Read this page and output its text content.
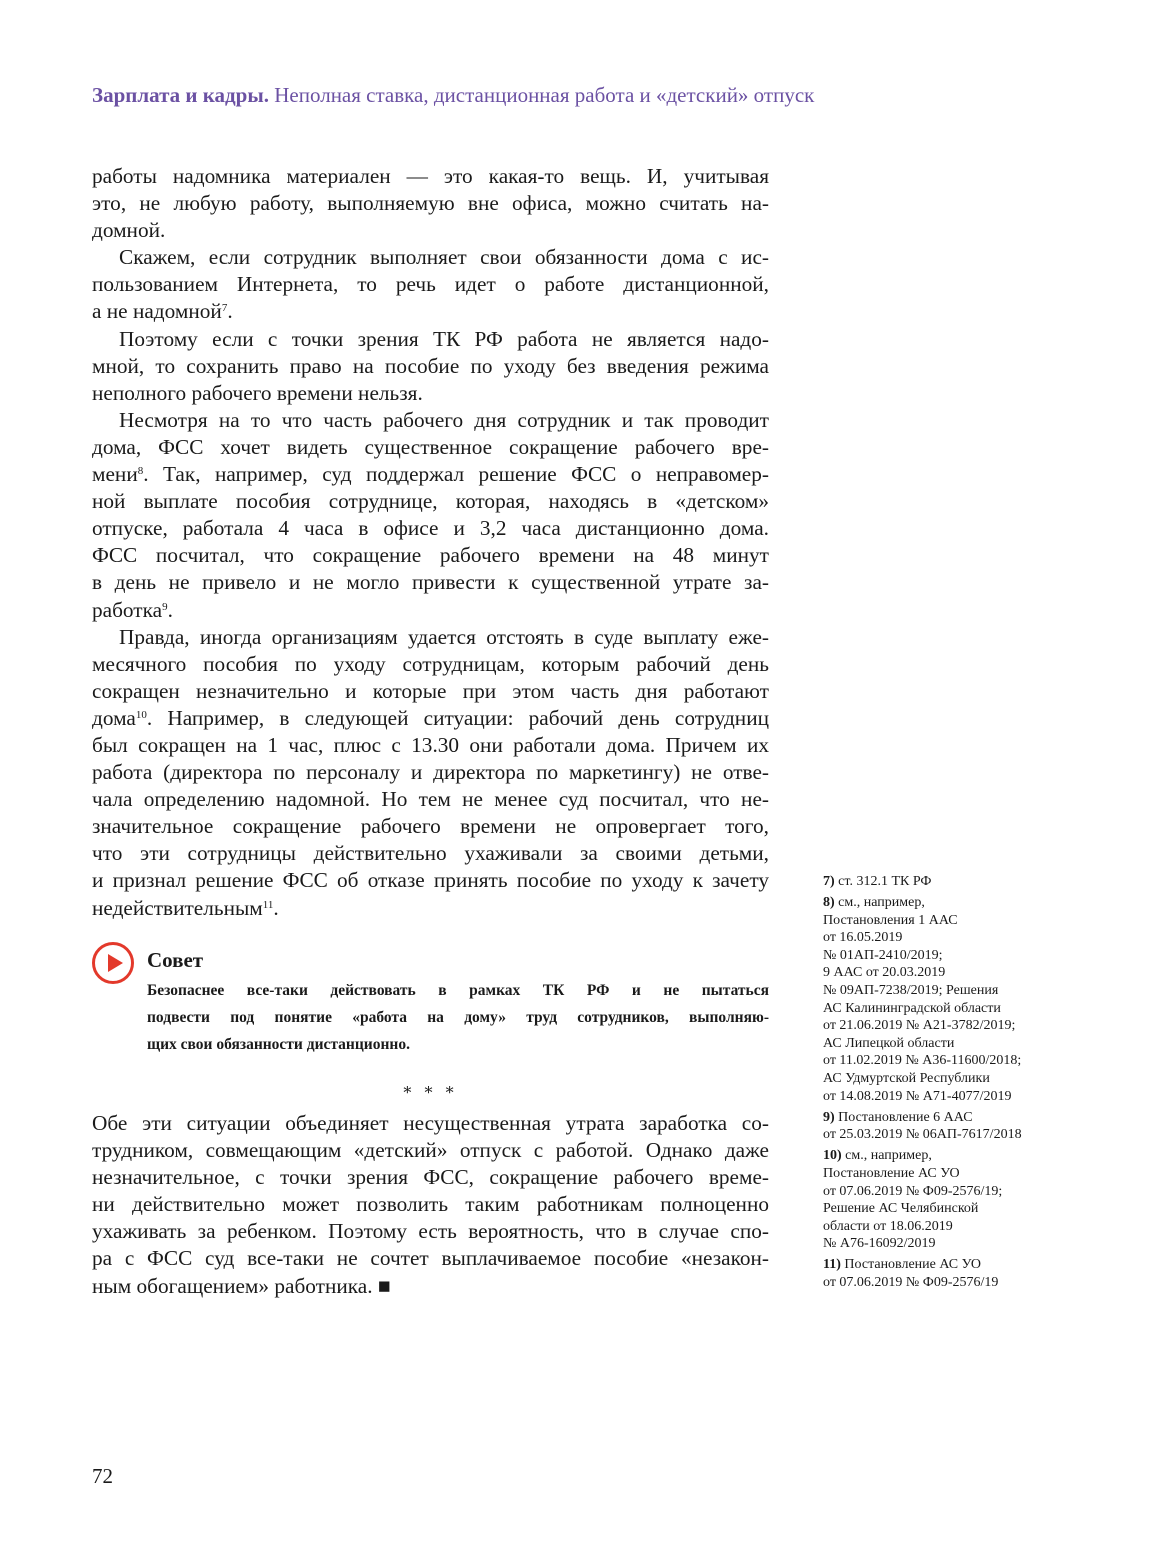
Зарплата и кадры. Неполная ставка, дистанционная работа и «детский» отпуск
работы надомника материален — это какая-то вещь. И, учитывая
это, не любую работу, выполняемую вне офиса, можно считать на-
домной.
Скажем, если сотрудник выполняет свои обязанности дома с ис-
пользованием Интернета, то речь идет о работе дистанционной,
а не надомной$^7$.
Поэтому если с точки зрения ТК РФ работа не является надо-
мной, то сохранить право на пособие по уходу без введения режима
неполного рабочего времени нельзя.
Несмотря на то что часть рабочего дня сотрудник и так проводит
дома, ФСС хочет видеть существенное сокращение рабочего вре-
мени$^8$. Так, например, суд поддержал решение ФСС о неправомер-
ной выплате пособия сотруднице, которая, находясь в «детском»
отпуске, работала 4 часа в офисе и 3,2 часа дистанционно дома.
ФСС посчитал, что сокращение рабочего времени на 48 минут
в день не привело и не могло привести к существенной утрате за-
работка$^9$.
Правда, иногда организациям удается отстоять в суде выплату еже-
месячного пособия по уходу сотрудницам, которым рабочий день
сокращен незначительно и которые при этом часть дня работают
дома$^{10}$. Например, в следующей ситуации: рабочий день сотрудниц
был сокращен на 1 час, плюс с 13.30 они работали дома. Причем их
работа (директора по персоналу и директора по маркетингу) не отве-
чала определению надомной. Но тем не менее суд посчитал, что не-
значительное сокращение рабочего времени не опровергает того,
что эти сотрудницы действительно ухаживали за своими детьми,
и признал решение ФСС об отказе принять пособие по уходу к зачету
недействительным$^{11}$.
Совет
Безопаснее все-таки действовать в рамках ТК РФ и не пытаться
подвести под понятие «работа на дому» труд сотрудников, выполняю-
щих свои обязанности дистанционно.
* * *
Обе эти ситуации объединяет несущественная утрата заработка со-
трудником, совмещающим «детский» отпуск с работой. Однако даже
незначительное, с точки зрения ФСС, сокращение рабочего време-
ни действительно может позволить таким работникам полноценно
ухаживать за ребенком. Поэтому есть вероятность, что в случае спо-
ра с ФСС суд все-таки не сочтет выплачиваемое пособие «незакон-
ным обогащением» работника. ■
7) ст. 312.1 ТК РФ
8) см., например,
Постановления 1 ААС
от 16.05.2019
№ 01АП-2410/2019;
9 ААС от 20.03.2019
№ 09АП-7238/2019; Решения
АС Калининградской области
от 21.06.2019 № А21-3782/2019;
АС Липецкой области
от 11.02.2019 № А36-11600/2018;
АС Удмуртской Республики
от 14.08.2019 № А71-4077/2019
9) Постановление 6 ААС
от 25.03.2019 № 06АП-7617/2018
10) см., например,
Постановление АС УО
от 07.06.2019 № Ф09-2576/19;
Решение АС Челябинской
области от 18.06.2019
№ А76-16092/2019
11) Постановление АС УО
от 07.06.2019 № Ф09-2576/19
72
